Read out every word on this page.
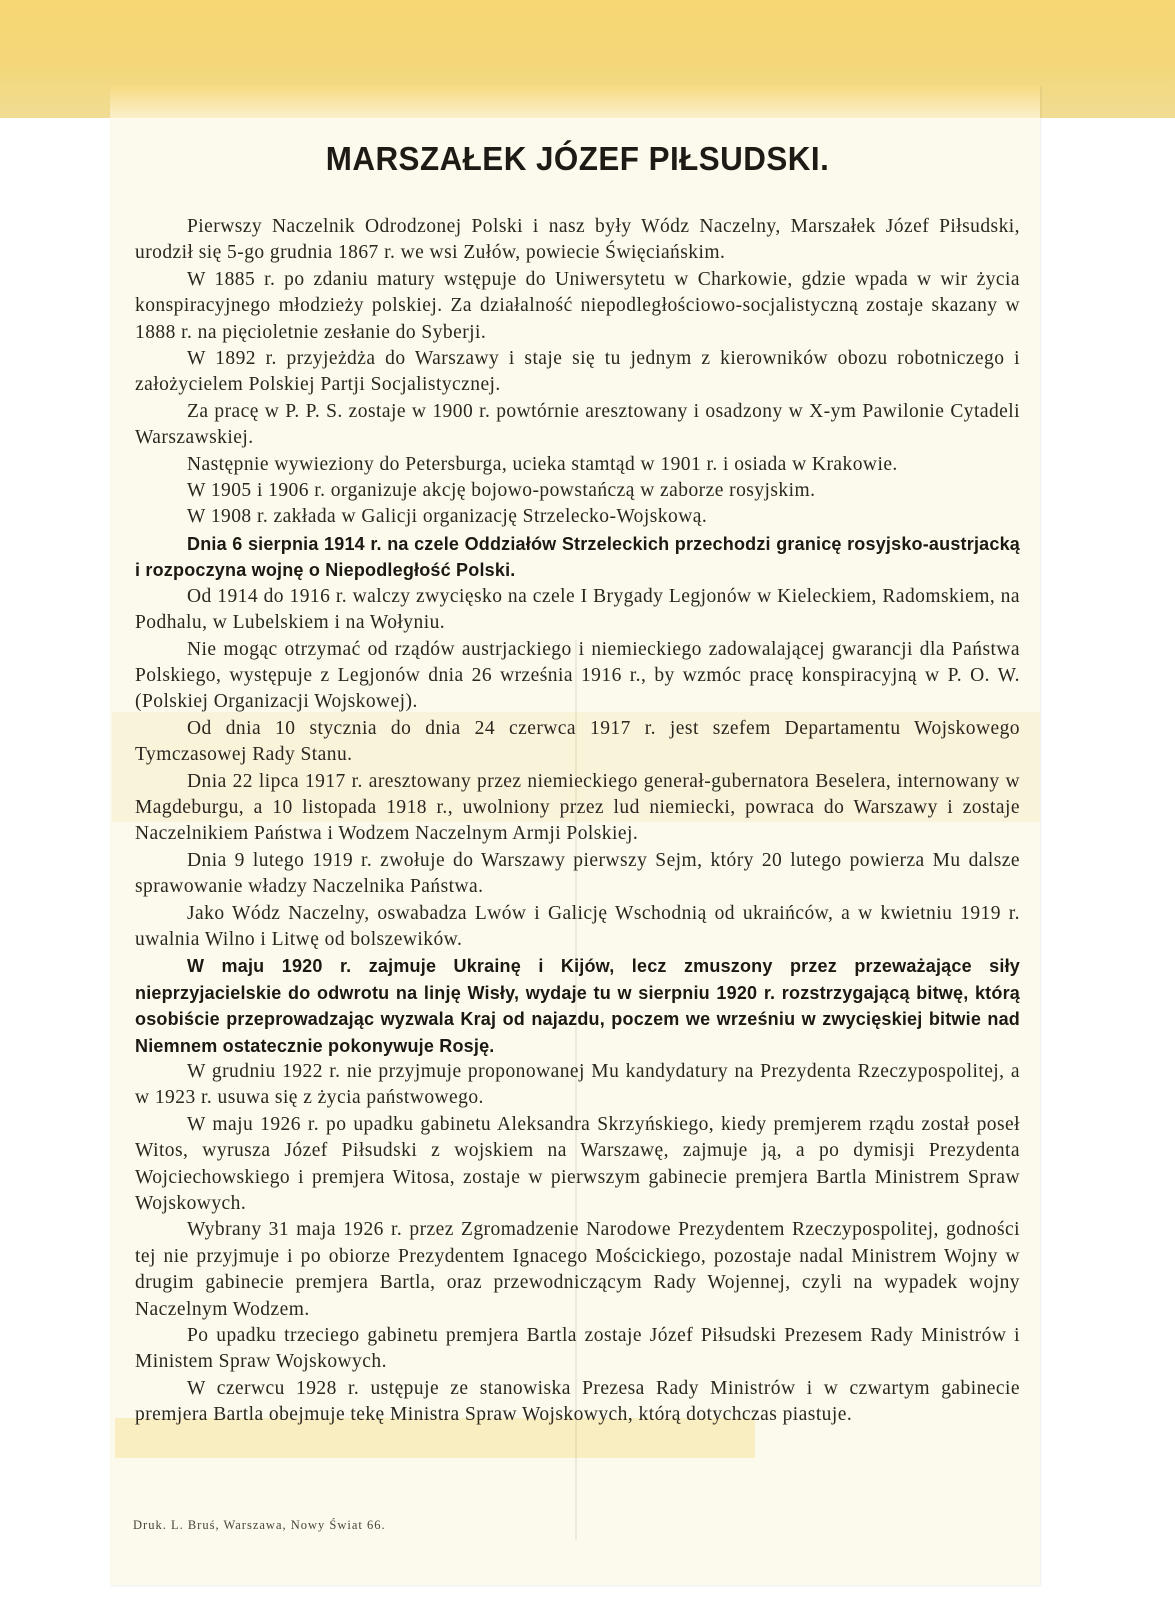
MARSZAŁEK JÓZEF PIŁSUDSKI.

Pierwszy Naczelnik Odrodzonej Polski i nasz były Wódz Naczelny, Marszałek Józef Piłsudski, urodził się 5-go grudnia 1867 r. we wsi Zułów, powiecie Święciańskim.

W 1885 r. po zdaniu matury wstępuje do Uniwersytetu w Charkowie, gdzie wpada w wir życia konspiracyjnego młodzieży polskiej. Za działalność niepodległościowo-socjalistyczną zostaje skazany w 1888 r. na pięcioletnie zesłanie do Syberji.

W 1892 r. przyjeżdża do Warszawy i staje się tu jednym z kierowników obozu robotniczego i założycielem Polskiej Partji Socjalistycznej.

Za pracę w P. P. S. zostaje w 1900 r. powtórnie aresztowany i osadzony w X-ym Pawilonie Cytadeli Warszawskiej.

Następnie wywieziony do Petersburga, ucieka stamtąd w 1901 r. i osiada w Krakowie.

W 1905 i 1906 r. organizuje akcję bojowo-powstańczą w zaborze rosyjskim.

W 1908 r. zakłada w Galicji organizację Strzelecko-Wojskową.

Dnia 6 sierpnia 1914 r. na czele Oddziałów Strzeleckich przechodzi granicę rosyjsko-austrjacką i rozpoczyna wojnę o Niepodległość Polski.

Od 1914 do 1916 r. walczy zwycięsko na czele I Brygady Legjonów w Kieleckiem, Radomskiem, na Podhalu, w Lubelskiem i na Wołyniu.

Nie mogąc otrzymać od rządów austrjackiego i niemieckiego zadowalającej gwarancji dla Państwa Polskiego, występuje z Legjonów dnia 26 września 1916 r., by wzmóc pracę konspiracyjną w P. O. W. (Polskiej Organizacji Wojskowej).

Od dnia 10 stycznia do dnia 24 czerwca 1917 r. jest szefem Departamentu Wojskowego Tymczasowej Rady Stanu.

Dnia 22 lipca 1917 r. aresztowany przez niemieckiego generał-gubernatora Beselera, internowany w Magdeburgu, a 10 listopada 1918 r., uwolniony przez lud niemiecki, powraca do Warszawy i zostaje Naczelnikiem Państwa i Wodzem Naczelnym Armji Polskiej.

Dnia 9 lutego 1919 r. zwołuje do Warszawy pierwszy Sejm, który 20 lutego powierza Mu dalsze sprawowanie władzy Naczelnika Państwa.

Jako Wódz Naczelny, oswabadza Lwów i Galicję Wschodnią od ukraińców, a w kwietniu 1919 r. uwalnia Wilno i Litwę od bolszewików.

W maju 1920 r. zajmuje Ukrainę i Kijów, lecz zmuszony przez przeważające siły nieprzyjacielskie do odwrotu na linję Wisły, wydaje tu w sierpniu 1920 r. rozstrzygającą bitwę, którą osobiście przeprowadzając wyzwala Kraj od najazdu, poczem we wrześniu w zwycięskiej bitwie nad Niemnem ostatecznie pokonywuje Rosję.

W grudniu 1922 r. nie przyjmuje proponowanej Mu kandydatury na Prezydenta Rzeczypospolitej, a w 1923 r. usuwa się z życia państwowego.

W maju 1926 r. po upadku gabinetu Aleksandra Skrzyńskiego, kiedy premjerem rządu został poseł Witos, wyrusza Józef Piłsudski z wojskiem na Warszawę, zajmuje ją, a po dymisji Prezydenta Wojciechowskiego i premjera Witosa, zostaje w pierwszym gabinecie premjera Bartla Ministrem Spraw Wojskowych.

Wybrany 31 maja 1926 r. przez Zgromadzenie Narodowe Prezydentem Rzeczypospolitej, godności tej nie przyjmuje i po obiorze Prezydentem Ignacego Mościckiego, pozostaje nadal Ministrem Wojny w drugim gabinecie premjera Bartla, oraz przewodniczącym Rady Wojennej, czyli na wypadek wojny Naczelnym Wodzem.

Po upadku trzeciego gabinetu premjera Bartla zostaje Józef Piłsudski Prezesem Rady Ministrów i Ministem Spraw Wojskowych.

W czerwcu 1928 r. ustępuje ze stanowiska Prezesa Rady Ministrów i w czwartym gabinecie premjera Bartla obejmuje tekę Ministra Spraw Wojskowych, którą dotychczas piastuje.

Druk. L. Bruś, Warszawa, Nowy Świat 66.
